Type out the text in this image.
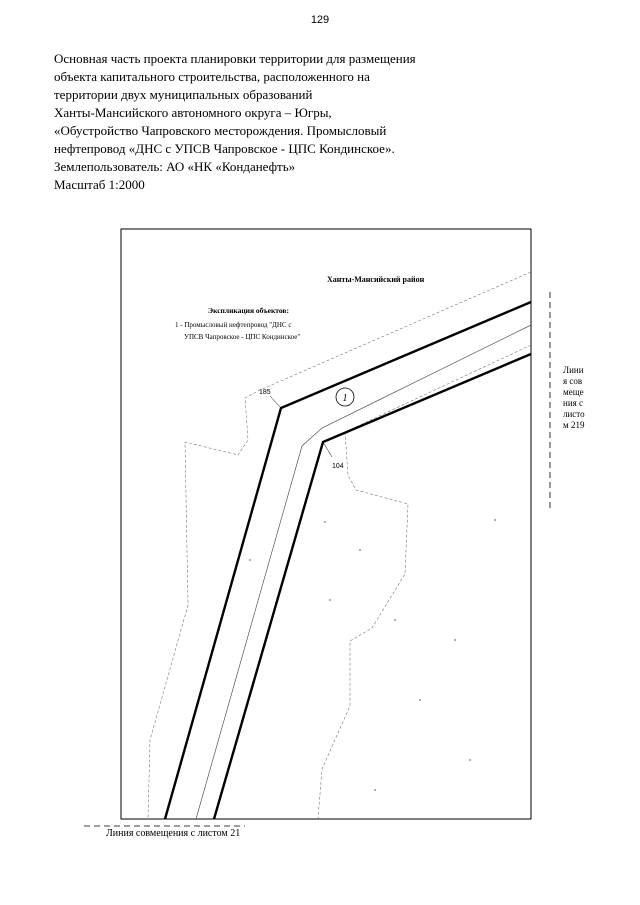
129
Основная часть проекта планировки территории для размещения
объекта капитального строительства, расположенного на
территории двух муниципальных образований
Ханты-Мансийского автономного округа – Югры,
«Обустройство Чапровского месторождения. Промысловый
нефтепровод «ДНС с УПСВ Чапровское - ЦПС Кондинское».
Землепользователь: АО «НК «Конданефть»
Масштаб 1:2000
1
185
104
Ханты-Мансийский район
Экспликация объектов:
1 - Промысловый нефтепровод "ДНС с
УПСВ Чапровское - ЦПС Кондинское"
Линия совмещения с листом 219
Линия совмещения с листом 21
